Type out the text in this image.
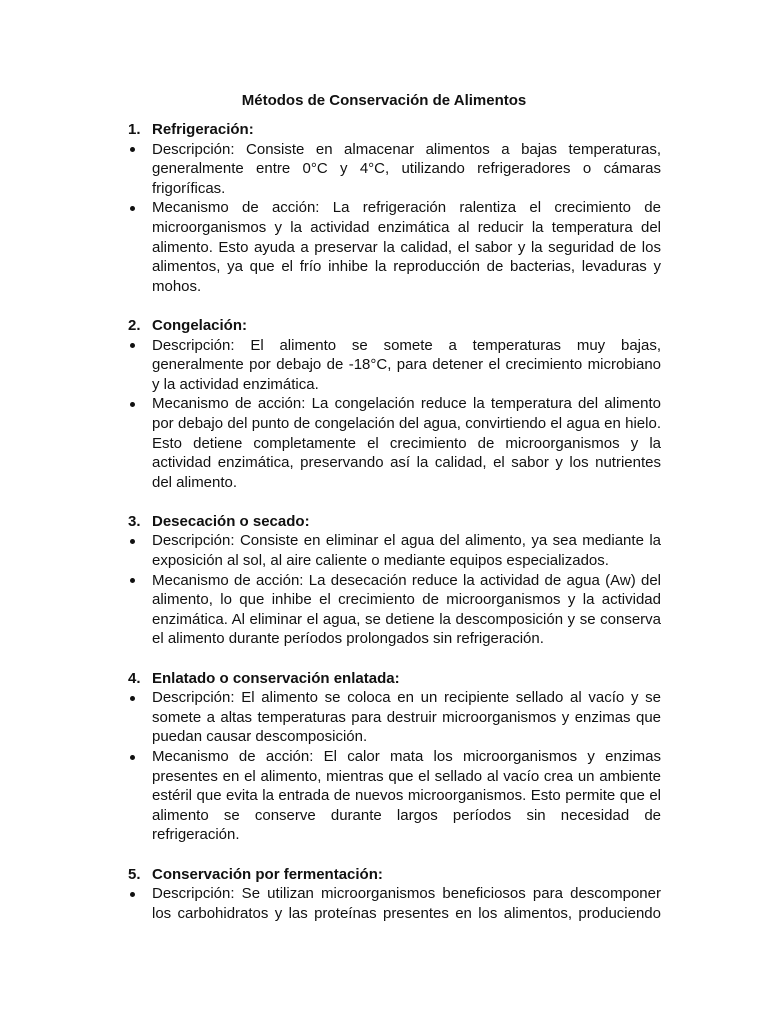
Métodos de Conservación de Alimentos
1. Refrigeración:
Descripción: Consiste en almacenar alimentos a bajas temperaturas, generalmente entre 0°C y 4°C, utilizando refrigeradores o cámaras frigoríficas.
Mecanismo de acción: La refrigeración ralentiza el crecimiento de microorganismos y la actividad enzimática al reducir la temperatura del alimento. Esto ayuda a preservar la calidad, el sabor y la seguridad de los alimentos, ya que el frío inhibe la reproducción de bacterias, levaduras y mohos.
2. Congelación:
Descripción: El alimento se somete a temperaturas muy bajas, generalmente por debajo de -18°C, para detener el crecimiento microbiano y la actividad enzimática.
Mecanismo de acción: La congelación reduce la temperatura del alimento por debajo del punto de congelación del agua, convirtiendo el agua en hielo. Esto detiene completamente el crecimiento de microorganismos y la actividad enzimática, preservando así la calidad, el sabor y los nutrientes del alimento.
3. Desecación o secado:
Descripción: Consiste en eliminar el agua del alimento, ya sea mediante la exposición al sol, al aire caliente o mediante equipos especializados.
Mecanismo de acción: La desecación reduce la actividad de agua (Aw) del alimento, lo que inhibe el crecimiento de microorganismos y la actividad enzimática. Al eliminar el agua, se detiene la descomposición y se conserva el alimento durante períodos prolongados sin refrigeración.
4. Enlatado o conservación enlatada:
Descripción: El alimento se coloca en un recipiente sellado al vacío y se somete a altas temperaturas para destruir microorganismos y enzimas que puedan causar descomposición.
Mecanismo de acción: El calor mata los microorganismos y enzimas presentes en el alimento, mientras que el sellado al vacío crea un ambiente estéril que evita la entrada de nuevos microorganismos. Esto permite que el alimento se conserve durante largos períodos sin necesidad de refrigeración.
5. Conservación por fermentación:
Descripción: Se utilizan microorganismos beneficiosos para descomponer los carbohidratos y las proteínas presentes en los alimentos, produciendo
